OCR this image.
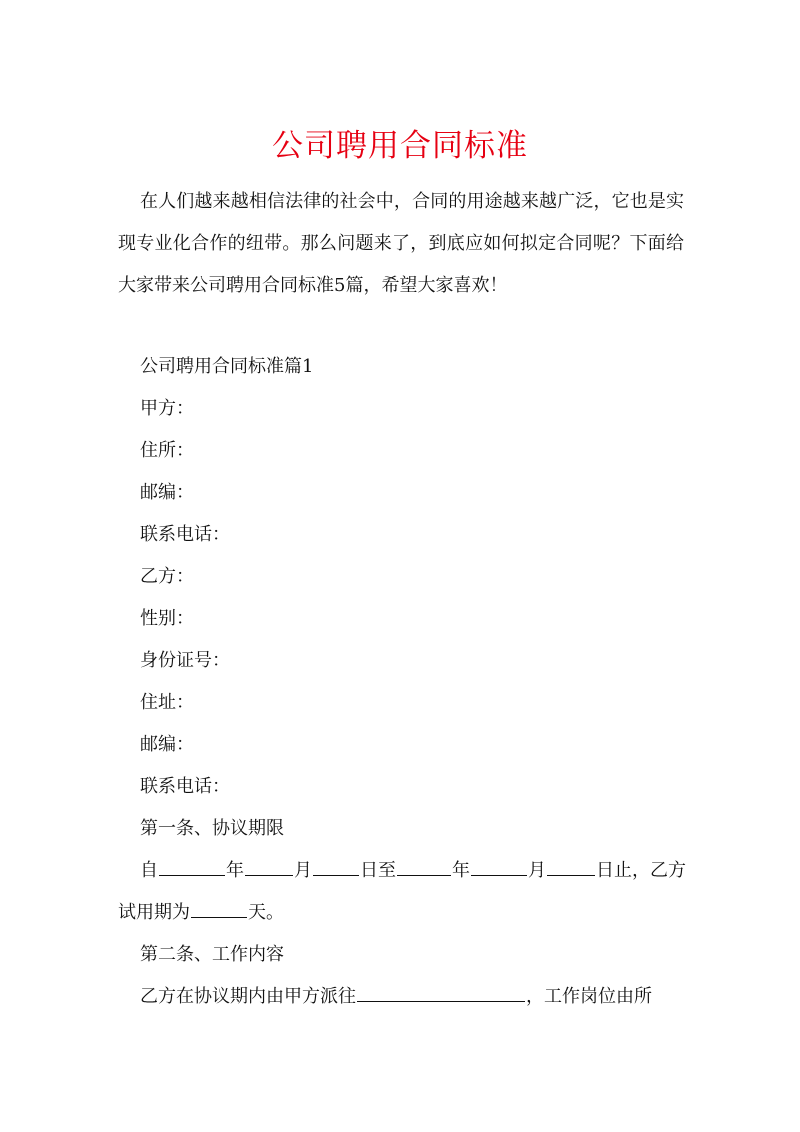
公司聘用合同标准

在人们越来越相信法律的社会中，合同的用途越来越广泛，它也是实现专业化合作的纽带。那么问题来了，到底应如何拟定合同呢？下面给大家带来公司聘用合同标准5篇，希望大家喜欢！

公司聘用合同标准篇1
甲方：
住所：
邮编：
联系电话：
乙方：
性别：
身份证号：
住址：
邮编：
联系电话：
第一条、协议期限
自	年	月	日至	年	月	日止，乙方
试用期为	天。
第二条、工作内容
乙方在协议期内由甲方派往	，工作岗位由所
